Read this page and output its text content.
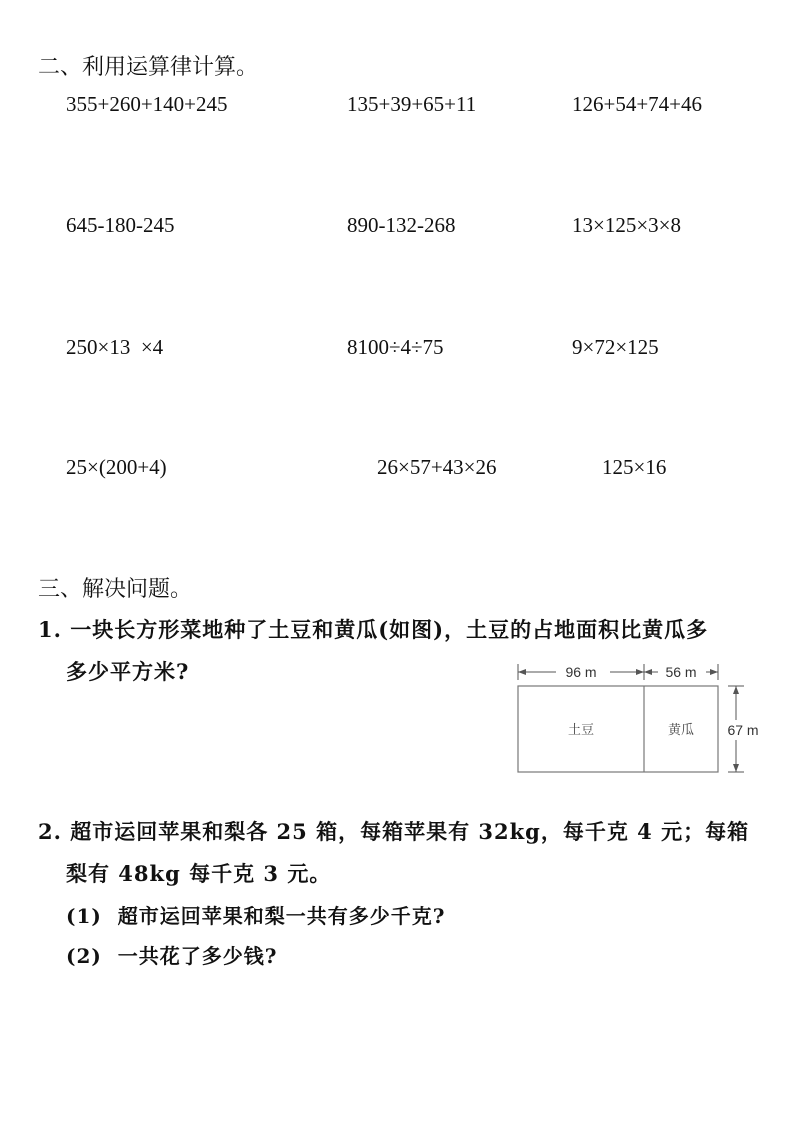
二、利用运算律计算。
355+260+140+245	135+39+65+11	126+54+74+46
645-180-245	890-132-268	13×125×3×8
250×13  ×4	8100÷4÷75	9×72×125
25×(200+4)	26×57+43×26	125×16
三、解决问题。
1. 一块长方形菜地种了土豆和黄瓜(如图)，土豆的占地面积比黄瓜多
多少平方米?	96 m	56 m
土豆	黄瓜 67 m
2. 超市运回苹果和梨各 25 箱，每箱苹果有 32kg，每千克 4 元；每箱
梨有 48kg 每千克 3 元。
(1)  超市运回苹果和梨一共有多少千克?
(2)  一共花了多少钱?
